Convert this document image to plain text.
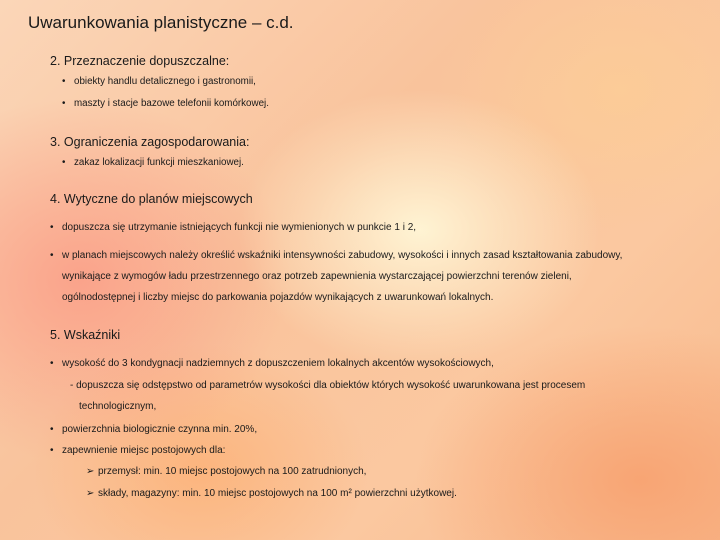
Uwarunkowania planistyczne – c.d.
2. Przeznaczenie dopuszczalne:
• obiekty handlu detalicznego i gastronomii,
• maszty i stacje bazowe telefonii komórkowej.
3. Ograniczenia zagospodarowania:
• zakaz lokalizacji funkcji mieszkaniowej.
4. Wytyczne do planów miejscowych
• dopuszcza się utrzymanie istniejących funkcji nie wymienionych w punkcie 1 i 2,
• w planach miejscowych należy określić wskaźniki intensywności zabudowy, wysokości i innych zasad kształtowania zabudowy,
wynikające z wymogów ładu przestrzennego oraz potrzeb zapewnienia wystarczającej powierzchni terenów zieleni,
ogólnodostępnej i liczby miejsc do parkowania pojazdów wynikających z uwarunkowań lokalnych.
5. Wskaźniki
• wysokość do 3 kondygnacji nadziemnych z dopuszczeniem lokalnych akcentów wysokościowych,
- dopuszcza się odstępstwo od parametrów wysokości dla obiektów których wysokość uwarunkowana jest procesem
technologicznym,
• powierzchnia biologicznie czynna min. 20%,
• zapewnienie miejsc postojowych dla:
➢ przemysł: min. 10 miejsc postojowych na 100 zatrudnionych,
➢ składy, magazyny: min. 10 miejsc postojowych na 100 m² powierzchni użytkowej.
